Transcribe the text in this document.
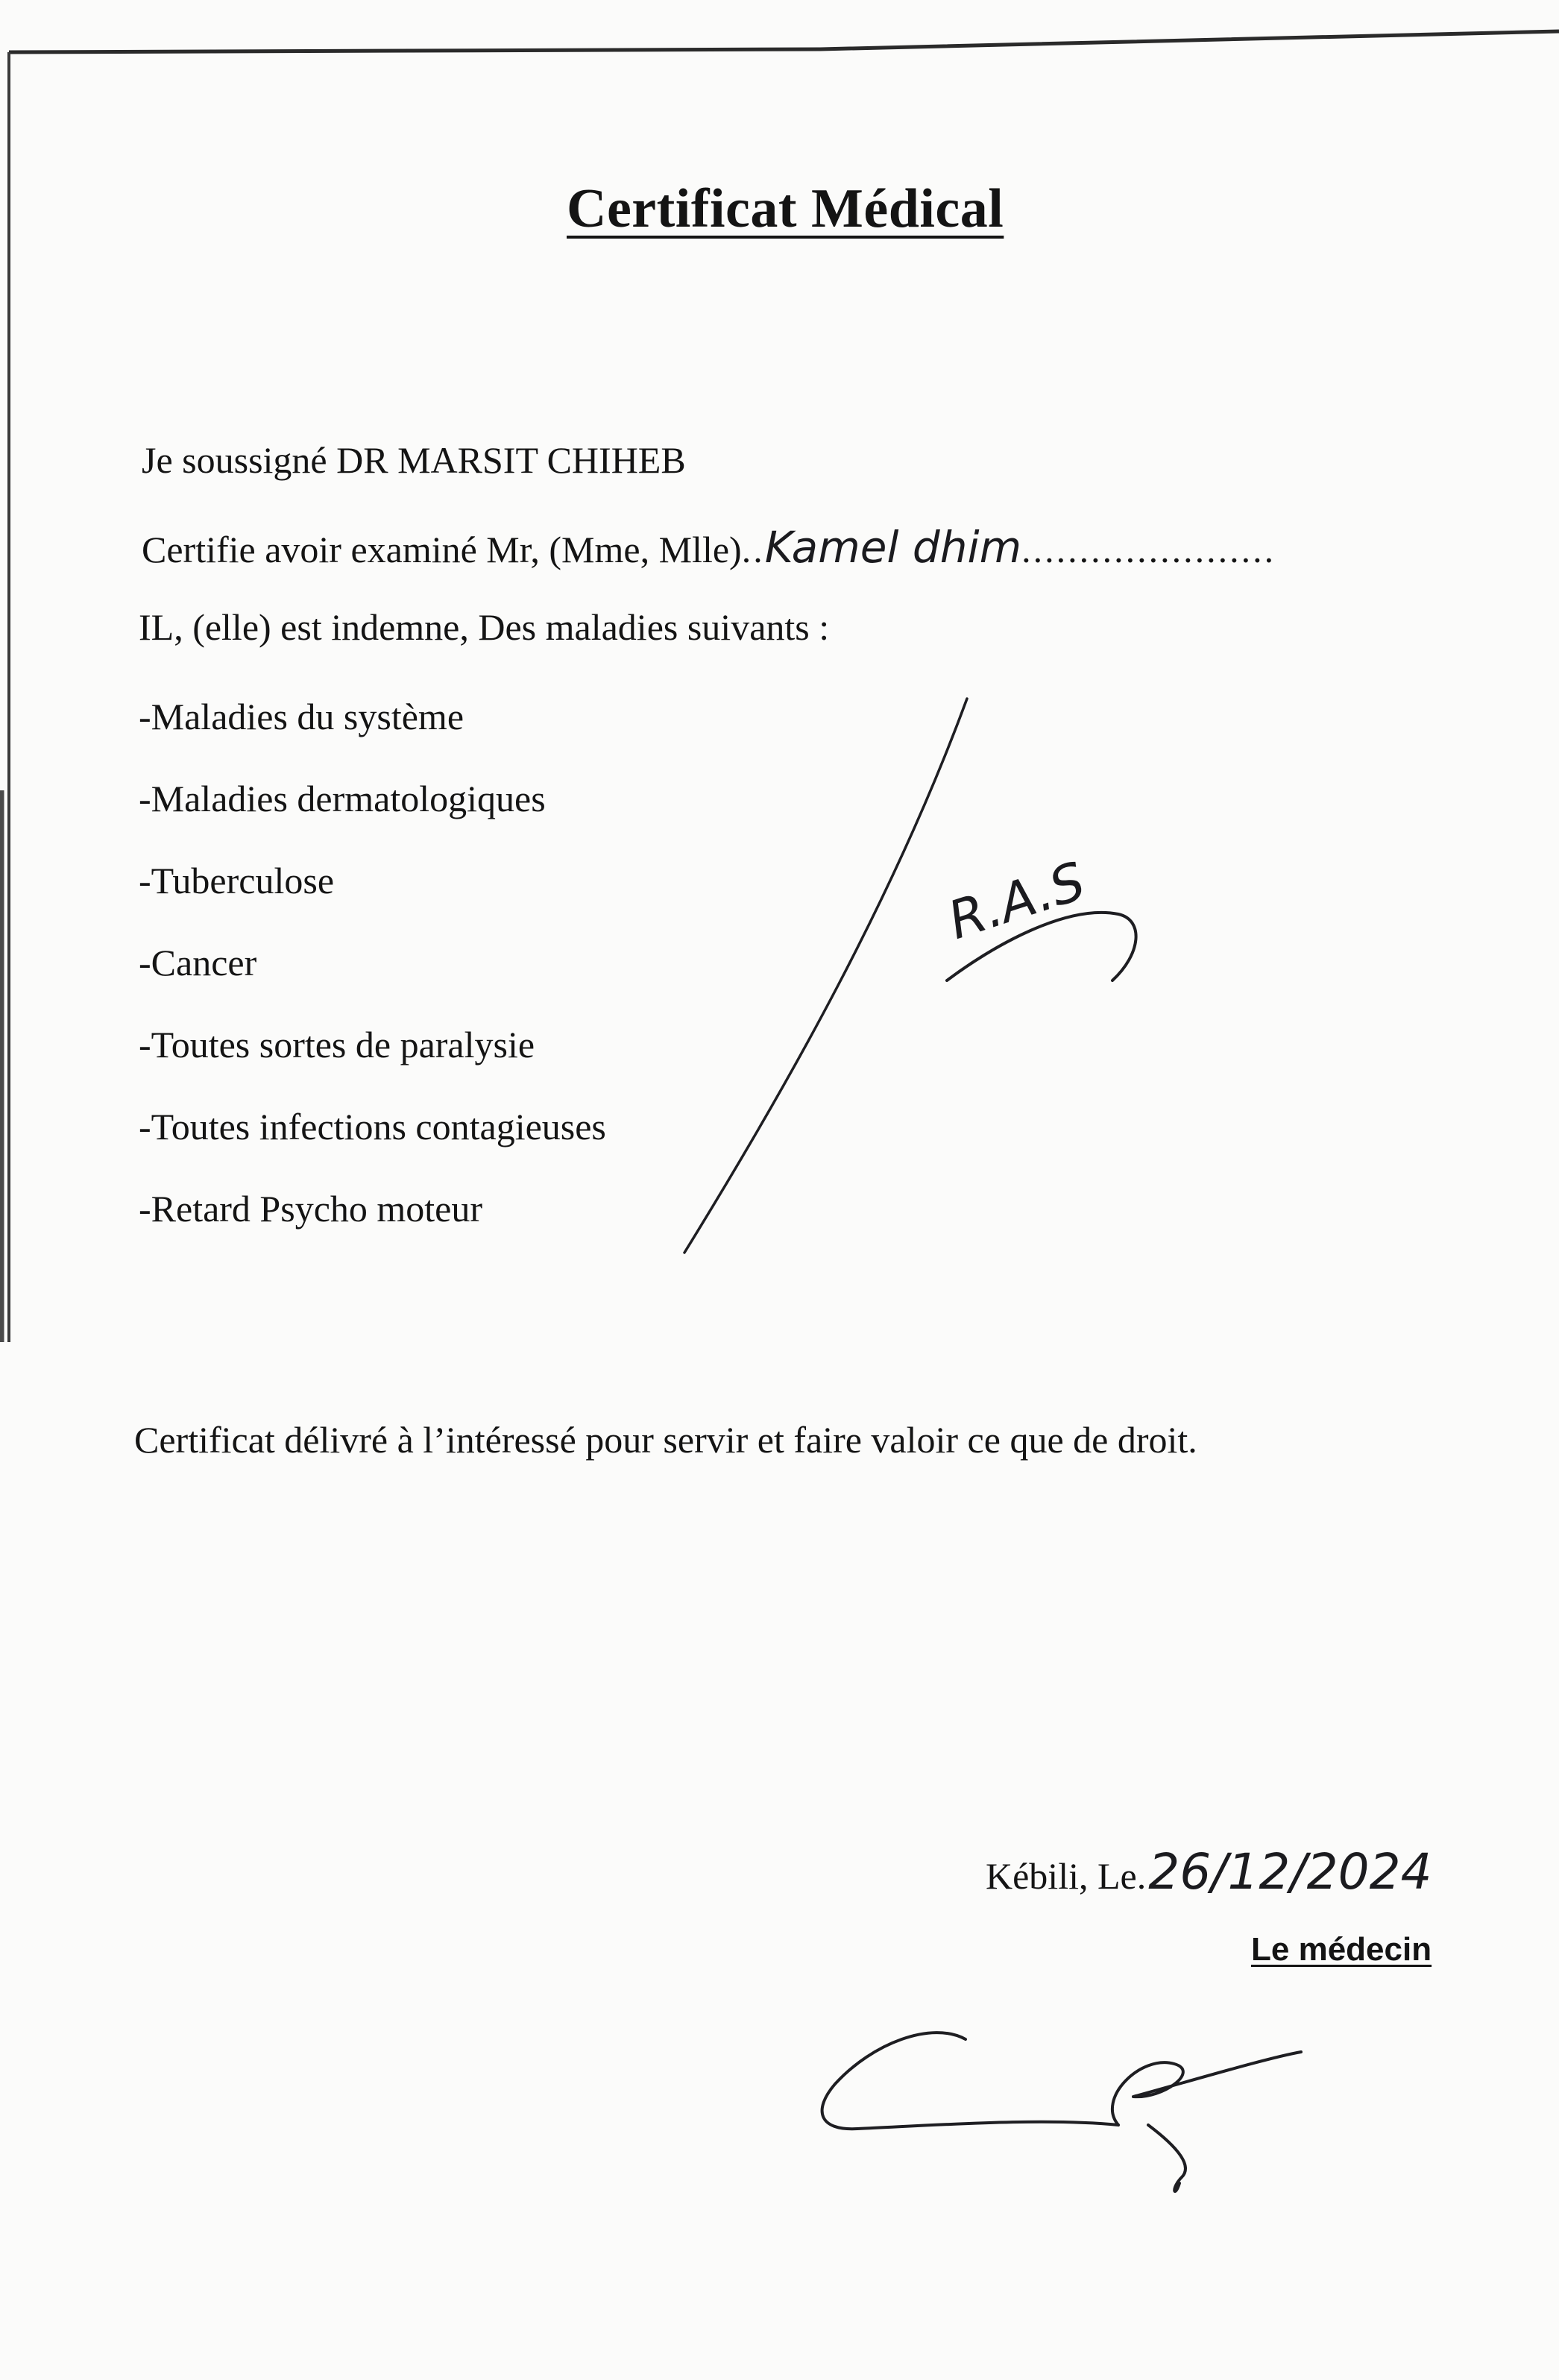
Certificat Médical
Je soussigné DR MARSIT CHIHEB
Certifie avoir examiné Mr, (Mme, Mlle)..Kamel dhim......................
IL, (elle) est indemne, Des maladies suivants :
-Maladies du système
-Maladies dermatologiques
-Tuberculose
-Cancer
-Toutes sortes de paralysie
-Toutes infections contagieuses
-Retard Psycho moteur
R.A.S
Certificat délivré à l’intéressé pour servir et faire valoir ce que de droit.
Kébili, Le.26/12/2024
Le médecin
